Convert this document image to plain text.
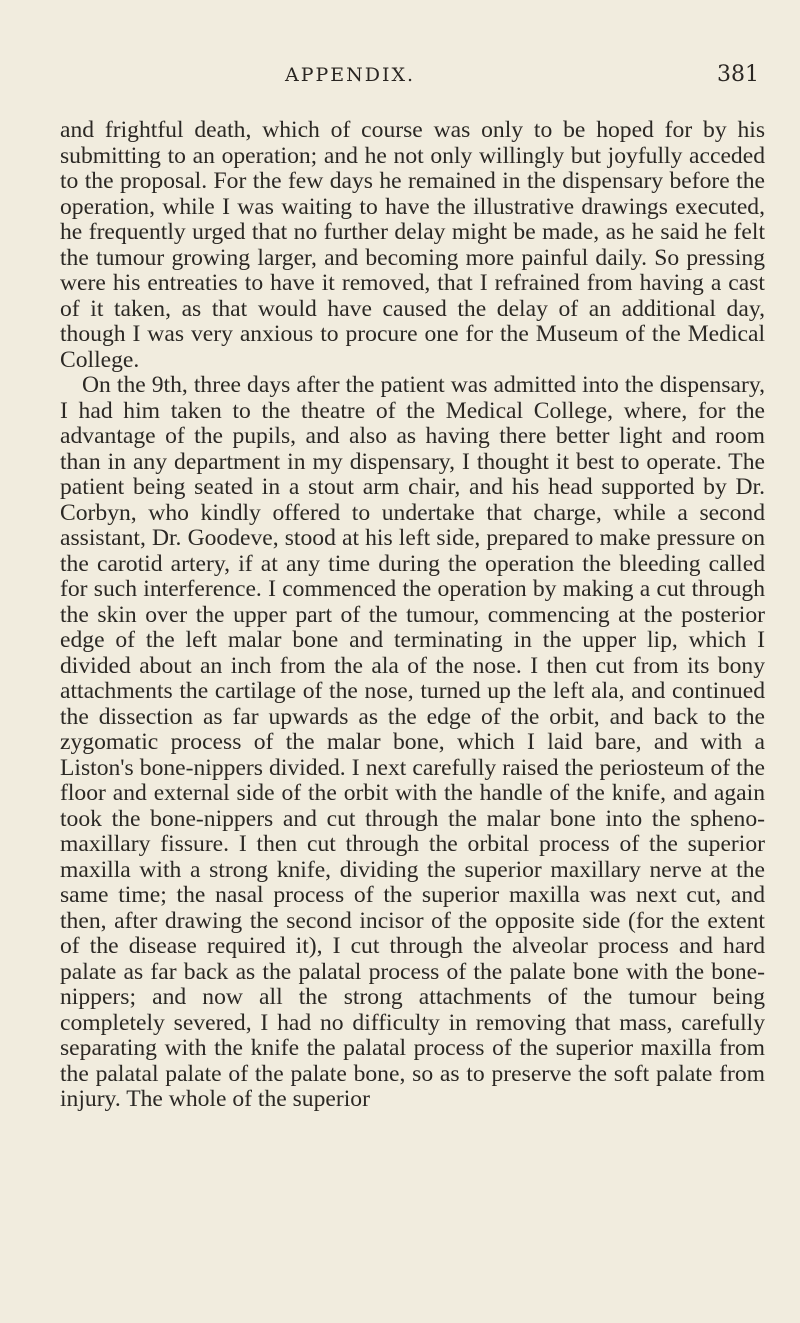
APPENDIX.	381

and frightful death, which of course was only to be hoped for by his submitting to an operation; and he not only willingly but joyfully acceded to the proposal. For the few days he remained in the dispensary before the operation, while I was waiting to have the illustrative drawings executed, he frequently urged that no further delay might be made, as he said he felt the tumour growing larger, and becoming more painful daily. So pressing were his entreaties to have it removed, that I refrained from having a cast of it taken, as that would have caused the delay of an additional day, though I was very anxious to procure one for the Museum of the Medical College.

On the 9th, three days after the patient was admitted into the dispensary, I had him taken to the theatre of the Medical College, where, for the advantage of the pupils, and also as having there better light and room than in any department in my dispensary, I thought it best to operate. The patient being seated in a stout arm chair, and his head supported by Dr. Corbyn, who kindly offered to undertake that charge, while a second assistant, Dr. Goodeve, stood at his left side, prepared to make pressure on the carotid artery, if at any time during the operation the bleeding called for such interference. I commenced the operation by making a cut through the skin over the upper part of the tumour, commencing at the posterior edge of the left malar bone and terminating in the upper lip, which I divided about an inch from the ala of the nose. I then cut from its bony attachments the cartilage of the nose, turned up the left ala, and continued the dissection as far upwards as the edge of the orbit, and back to the zygomatic process of the malar bone, which I laid bare, and with a Liston's bone-nippers divided. I next carefully raised the periosteum of the floor and external side of the orbit with the handle of the knife, and again took the bone-nippers and cut through the malar bone into the spheno-maxillary fissure. I then cut through the orbital process of the superior maxilla with a strong knife, dividing the superior maxillary nerve at the same time; the nasal process of the superior maxilla was next cut, and then, after drawing the second incisor of the opposite side (for the extent of the disease required it), I cut through the alveolar process and hard palate as far back as the palatal process of the palate bone with the bone-nippers; and now all the strong attachments of the tumour being completely severed, I had no difficulty in removing that mass, carefully separating with the knife the palatal process of the superior maxilla from the palatal palate of the palate bone, so as to preserve the soft palate from injury. The whole of the superior
